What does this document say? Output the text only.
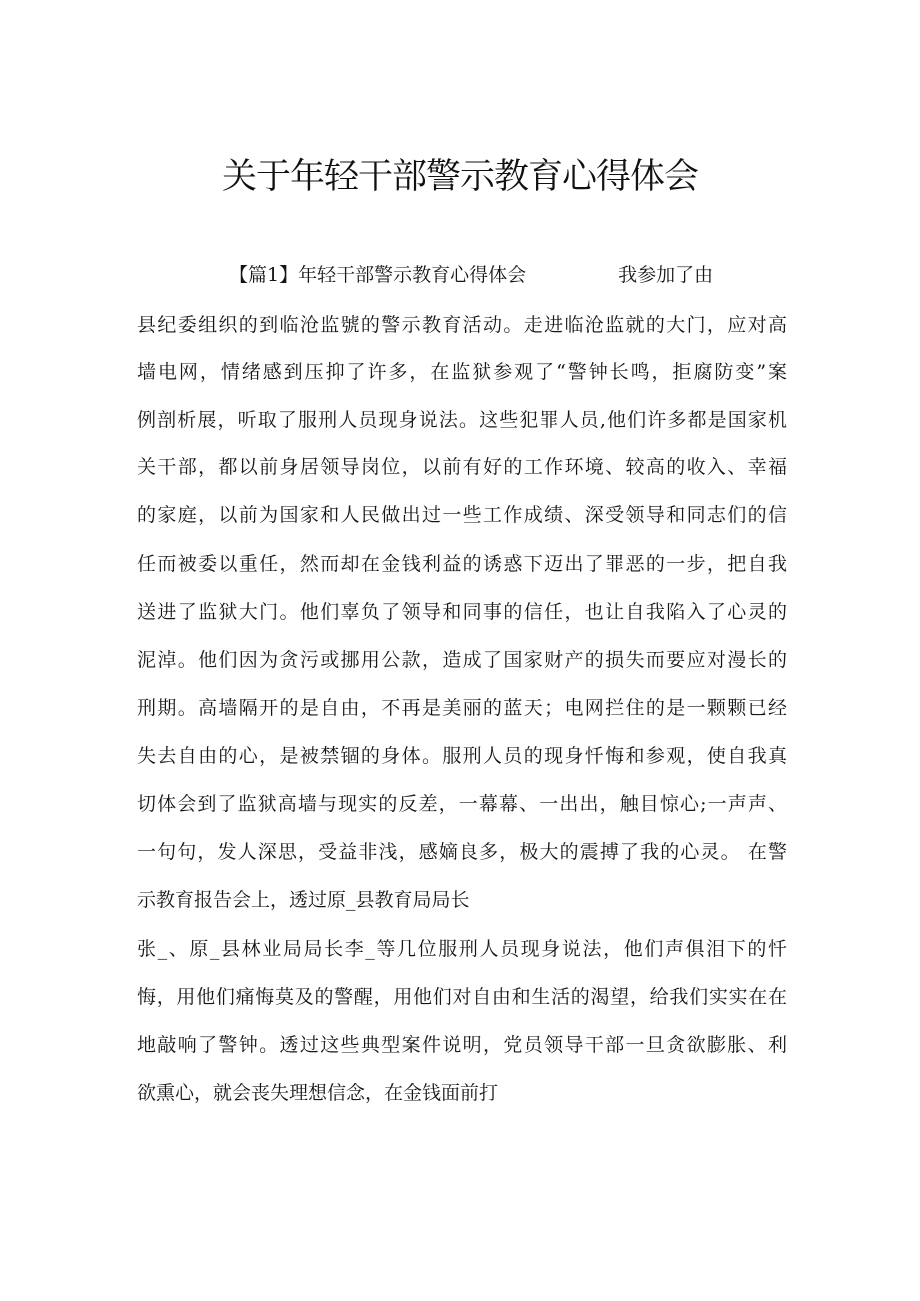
关于年轻干部警示教育心得体会
【篇1】年轻干部警示教育心得体会	我参加了由
县纪委组织的到临沧监號的警示教育活动。走进临沧监就的大门，应对高
墙电网，情绪感到压抑了许多，在监狱参观了“警钟长鸣，拒腐防变”案
例剖析展，听取了服刑人员现身说法。这些犯罪人员,他们许多都是国家机
关干部，都以前身居领导岗位，以前有好的工作环境、较高的收入、幸福
的家庭，以前为国家和人民做出过一些工作成绩、深受领导和同志们的信
任而被委以重任，然而却在金钱利益的诱惑下迈出了罪恶的一步，把自我
送进了监狱大门。他们辜负了领导和同事的信任，也让自我陷入了心灵的
泥淖。他们因为贪污或挪用公款，造成了国家财产的损失而要应对漫长的
刑期。高墙隔开的是自由，不再是美丽的蓝天；电网拦住的是一颗颗已经
失去自由的心，是被禁锢的身体。服刑人员的现身忏悔和参观，使自我真
切体会到了监狱高墙与现实的反差，一幕幕、一出出，触目惊心;一声声、
一句句，发人深思，受益非浅，感嫡良多，极大的震搏了我的心灵。 在警
示教育报告会上，透过原_县教育局局长
张_、原_县林业局局长李_等几位服刑人员现身说法，他们声俱泪下的忏
悔，用他们痛悔莫及的警醒，用他们对自由和生活的渴望，给我们实实在在
地敲响了警钟。透过这些典型案件说明，党员领导干部一旦贪欲膨胀、利
欲熏心，就会丧失理想信念，在金钱面前打
